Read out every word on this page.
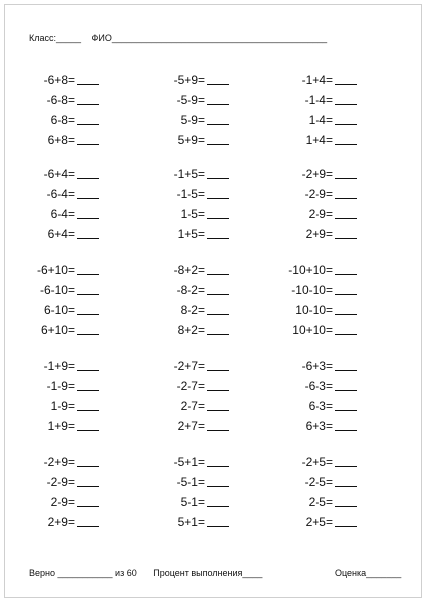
Класс:_____ ФИО___________________________________________
-6+8=
-6-8=
6-8=
6+8=
-5+9=
-5-9=
5-9=
5+9=
-1+4=
-1-4=
1-4=
1+4=
-6+4=
-6-4=
6-4=
6+4=
-1+5=
-1-5=
1-5=
1+5=
-2+9=
-2-9=
2-9=
2+9=
-6+10=
-6-10=
6-10=
6+10=
-8+2=
-8-2=
8-2=
8+2=
-10+10=
-10-10=
10-10=
10+10=
-1+9=
-1-9=
1-9=
1+9=
-2+7=
-2-7=
2-7=
2+7=
-6+3=
-6-3=
6-3=
6+3=
-2+9=
-2-9=
2-9=
2+9=
-5+1=
-5-1=
5-1=
5+1=
-2+5=
-2-5=
2-5=
2+5=
Верно ___________ из 60 Процент выполнения____	Оценка_______
